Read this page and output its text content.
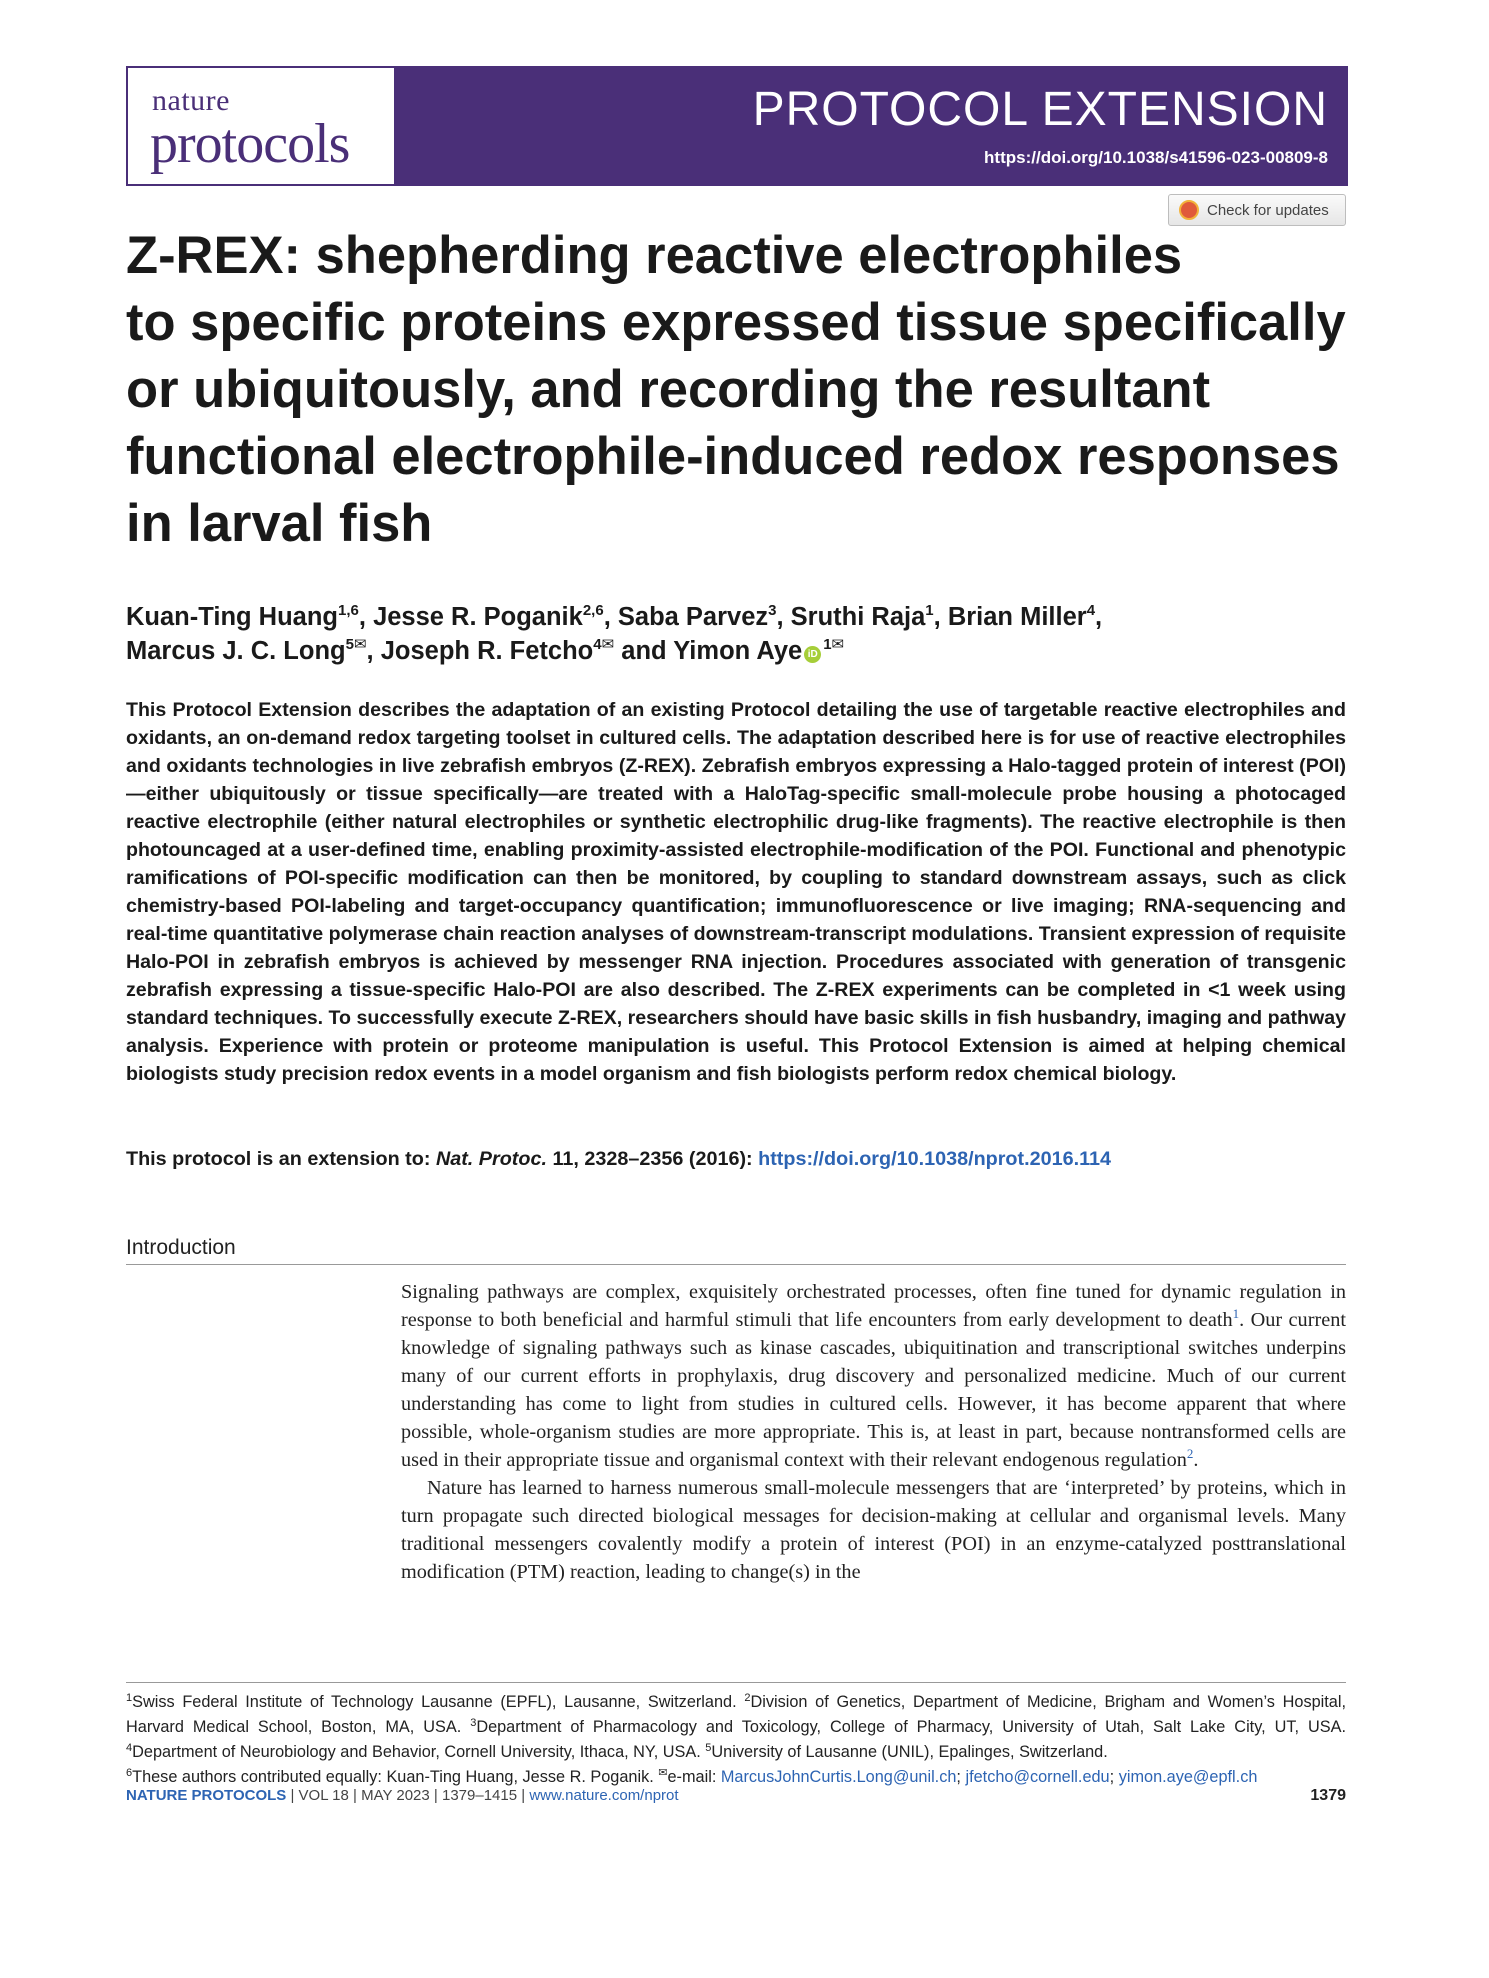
nature
protocols
PROTOCOL EXTENSION
https://doi.org/10.1038/s41596-023-00809-8
Check for updates
Z-REX: shepherding reactive electrophiles
to specific proteins expressed tissue specifically
or ubiquitously, and recording the resultant
functional electrophile-induced redox responses
in larval fish
Kuan-Ting Huang$^{1,6}$, Jesse R. Poganik$^{2,6}$, Saba Parvez$^3$, Sruthi Raja$^1$, Brian Miller$^4$,
Marcus J. C. Long$^{5✉}$, Joseph R. Fetcho$^{4✉}$ and Yimon Aye $iD^{1✉}$

This Protocol Extension describes the adaptation of an existing Protocol detailing the use of targetable reactive electrophiles and oxidants, an on-demand redox targeting toolset in cultured cells. The adaptation described here is for use of reactive electrophiles and oxidants technologies in live zebrafish embryos (Z-REX). Zebrafish embryos expressing a Halo-tagged protein of interest (POI)—either ubiquitously or tissue specifically—are treated with a HaloTag-specific small-molecule probe housing a photocaged reactive electrophile (either natural electrophiles or synthetic electrophilic drug-like fragments). The reactive electrophile is then photouncaged at a user-defined time, enabling proximity-assisted electrophile-modification of the POI. Functional and phenotypic ramifications of POI-specific modification can then be monitored, by coupling to standard downstream assays, such as click chemistry-based POI-labeling and target-occupancy quantification; immunofluorescence or live imaging; RNA-sequencing and real-time quantitative polymerase chain reaction analyses of downstream-transcript modulations. Transient expression of requisite Halo-POI in zebrafish embryos is achieved by messenger RNA injection. Procedures associated with generation of transgenic zebrafish expressing a tissue-specific Halo-POI are also described. The Z-REX experiments can be completed in <1 week using standard techniques. To successfully execute Z-REX, researchers should have basic skills in fish husbandry, imaging and pathway analysis. Experience with protein or proteome manipulation is useful. This Protocol Extension is aimed at helping chemical biologists study precision redox events in a model organism and fish biologists perform redox chemical biology.

This protocol is an extension to: Nat. Protoc. 11, 2328–2356 (2016): https://doi.org/10.1038/nprot.2016.114
Introduction

Signaling pathways are complex, exquisitely orchestrated processes, often fine tuned for dynamic regulation in response to both beneficial and harmful stimuli that life encounters from early development to death$^1$. Our current knowledge of signaling pathways such as kinase cascades, ubiquitination and transcriptional switches underpins many of our current efforts in prophylaxis, drug discovery and personalized medicine. Much of our current understanding has come to light from studies in cultured cells. However, it has become apparent that where possible, whole-organism studies are more appropriate. This is, at least in part, because nontransformed cells are used in their appropriate tissue and organismal context with their relevant endogenous regulation$^2$.

Nature has learned to harness numerous small-molecule messengers that are ‘interpreted’ by proteins, which in turn propagate such directed biological messages for decision-making at cellular and organismal levels. Many traditional messengers covalently modify a protein of interest (POI) in an enzyme-catalyzed posttranslational modification (PTM) reaction, leading to change(s) in the

$^1$Swiss Federal Institute of Technology Lausanne (EPFL), Lausanne, Switzerland. $^2$Division of Genetics, Department of Medicine, Brigham and Women’s Hospital, Harvard Medical School, Boston, MA, USA. $^3$Department of Pharmacology and Toxicology, College of Pharmacy, University of Utah, Salt Lake City, UT, USA. $^4$Department of Neurobiology and Behavior, Cornell University, Ithaca, NY, USA. $^5$University of Lausanne (UNIL), Epalinges, Switzerland.
$^6$These authors contributed equally: Kuan-Ting Huang, Jesse R. Poganik. ✉e-mail: MarcusJohnCurtis.Long@unil.ch; jfetcho@cornell.edu; yimon.aye@epfl.ch
NATURE PROTOCOLS | VOL 18 | MAY 2023 | 1379–1415 | www.nature.com/nprot	1379
